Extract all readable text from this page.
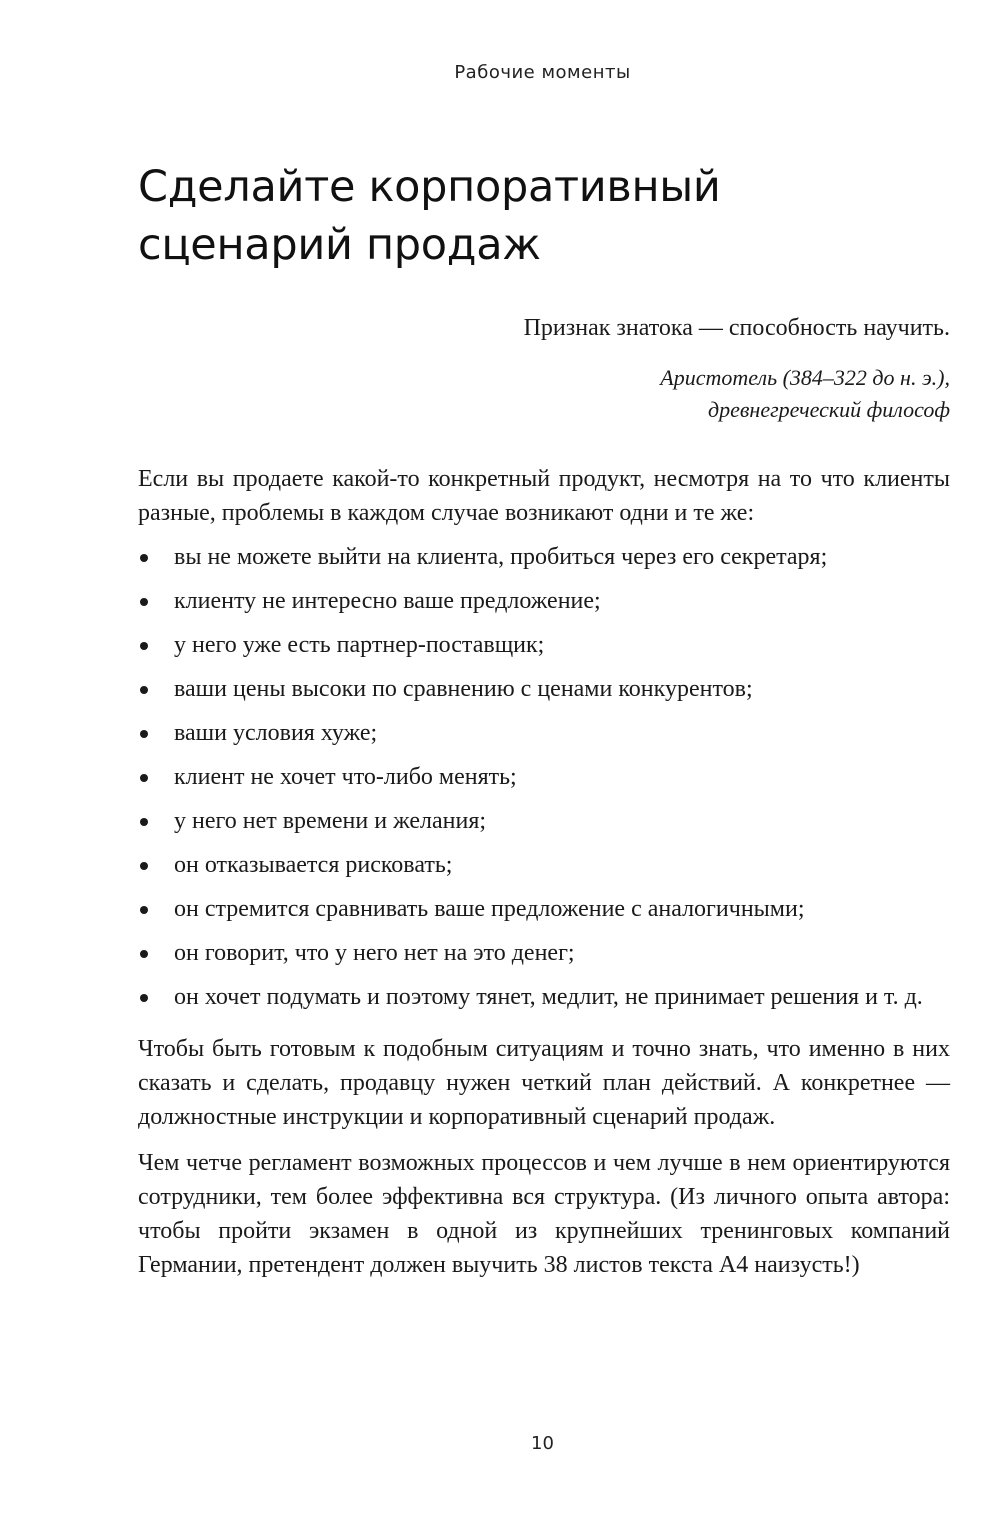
Рабочие моменты
Сделайте корпоративный сценарий продаж

Признак знатока — способность научить.

Аристотель (384–322 до н. э.),
древнегреческий философ

Если вы продаете какой-то конкретный продукт, несмотря на то что клиенты разные, проблемы в каждом случае возникают одни и те же:

вы не можете выйти на клиента, пробиться через его секретаря;
клиенту не интересно ваше предложение;
у него уже есть партнер-поставщик;
ваши цены высоки по сравнению с ценами конкурентов;
ваши условия хуже;
клиент не хочет что-либо менять;
у него нет времени и желания;
он отказывается рисковать;
он стремится сравнивать ваше предложение с аналогичными;
он говорит, что у него нет на это денег;
он хочет подумать и поэтому тянет, медлит, не принимает решения и т. д.

Чтобы быть готовым к подобным ситуациям и точно знать, что именно в них сказать и сделать, продавцу нужен четкий план действий. А конкретнее — должностные инструкции и корпоративный сценарий продаж.

Чем четче регламент возможных процессов и чем лучше в нем ориентируются сотрудники, тем более эффективна вся структура. (Из личного опыта автора: чтобы пройти экзамен в одной из крупнейших тренинговых компаний Германии, претендент должен выучить 38 листов текста А4 наизусть!)

10
